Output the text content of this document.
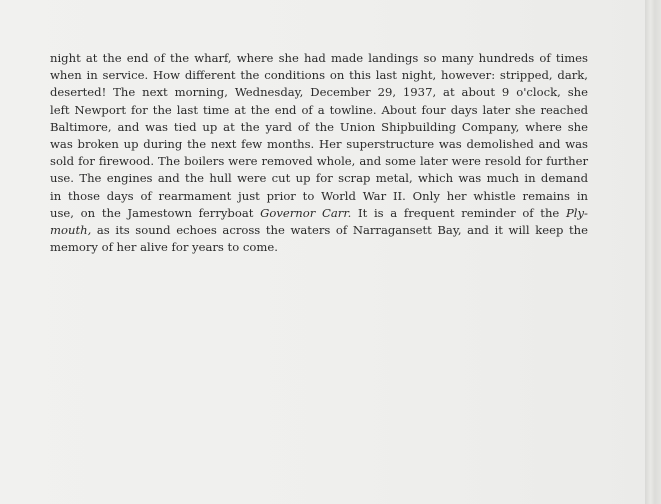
night at the end of the wharf, where she had made landings so many hundreds of times
when in service. How different the conditions on this last night, however: stripped, dark,
deserted! The next morning, Wednesday, December 29, 1937, at about 9 o'clock, she
left Newport for the last time at the end of a towline. About four days later she reached
Baltimore, and was tied up at the yard of the Union Shipbuilding Company, where she
was broken up during the next few months. Her superstructure was demolished and was
sold for firewood. The boilers were removed whole, and some later were resold for further
use. The engines and the hull were cut up for scrap metal, which was much in demand
in those days of rearmament just prior to World War II. Only her whistle remains in
use, on the Jamestown ferryboat Governor Carr. It is a frequent reminder of the Ply-
mouth, as its sound echoes across the waters of Narragansett Bay, and it will keep the
memory of her alive for years to come.
